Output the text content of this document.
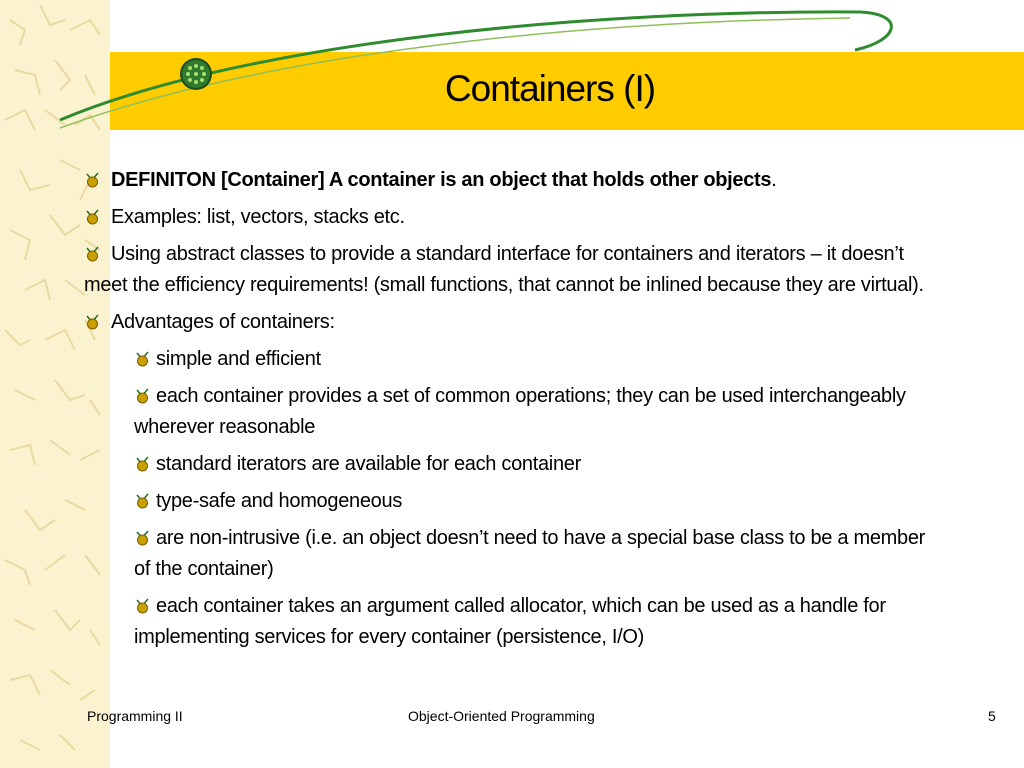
Containers (I)
DEFINITON [Container] A container is an object that holds other objects.
Examples: list, vectors, stacks etc.
Using abstract classes to provide a standard interface for containers and iterators – it doesn’t meet the efficiency requirements! (small functions, that cannot be inlined because they are virtual).
Advantages of containers:
simple and efficient
each container provides a set of common operations; they can be used interchangeably wherever reasonable
standard iterators are available for each container
type-safe and homogeneous
are non-intrusive (i.e. an object doesn’t need to have a special base class to be a member of the container)
each container takes an argument called allocator, which can be used as a handle for implementing services for every container (persistence, I/O)
Programming II	Object-Oriented Programming	5
